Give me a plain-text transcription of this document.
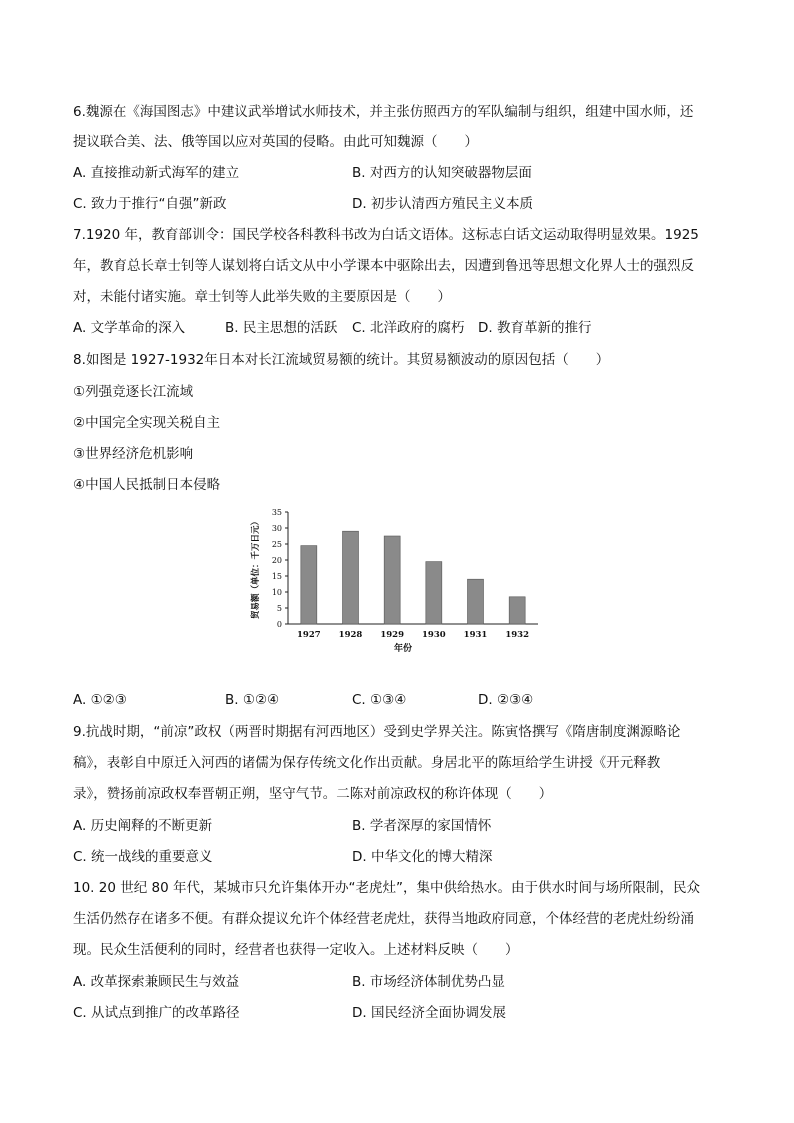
6.魏源在《海国图志》中建议武举增试水师技术，并主张仿照西方的军队编制与组织，组建中国水师，还
提议联合美、法、俄等国以应对英国的侵略。由此可知魏源（　　）
A. 直接推动新式海军的建立	B. 对西方的认知突破器物层面
C. 致力于推行“自强”新政	D. 初步认清西方殖民主义本质
7.1920 年，教育部训令：国民学校各科教科书改为白话文语体。这标志白话文运动取得明显效果。1925
年，教育总长章士钊等人谋划将白话文从中小学课本中驱除出去，因遭到鲁迅等思想文化界人士的强烈反
对，未能付诸实施。章士钊等人此举失败的主要原因是（　　）
A. 文学革命的深入	B. 民主思想的活跃 C. 北洋政府的腐朽 D. 教育革新的推行
8.如图是 1927-1932年日本对长江流域贸易额的统计。其贸易额波动的原因包括（　　）
①列强竞逐长江流域
②中国完全实现关税自主
③世界经济危机影响
④中国人民抵制日本侵略
0
5
10
15
20
25
30
35
1927 1928 1929 1930 1931 1932
年份
贸易额（单位：千万日元）
A. ①②③	B. ①②④	C. ①③④	D. ②③④
9.抗战时期，“前凉”政权（两晋时期据有河西地区）受到史学界关注。陈寅恪撰写《隋唐制度渊源略论
稿》，表彰自中原迁入河西的诸儒为保存传统文化作出贡献。身居北平的陈垣给学生讲授《开元释教
录》，赞扬前凉政权奉晋朝正朔，坚守气节。二陈对前凉政权的称许体现（　　）
A. 历史阐释的不断更新	B. 学者深厚的家国情怀
C. 统一战线的重要意义	D. 中华文化的博大精深
10. 20 世纪 80 年代，某城市只允许集体开办“老虎灶”，集中供给热水。由于供水时间与场所限制，民众
生活仍然存在诸多不便。有群众提议允许个体经营老虎灶，获得当地政府同意，个体经营的老虎灶纷纷涌
现。民众生活便利的同时，经营者也获得一定收入。上述材料反映（　　）
A. 改革探索兼顾民生与效益	B. 市场经济体制优势凸显
C. 从试点到推广的改革路径	D. 国民经济全面协调发展
